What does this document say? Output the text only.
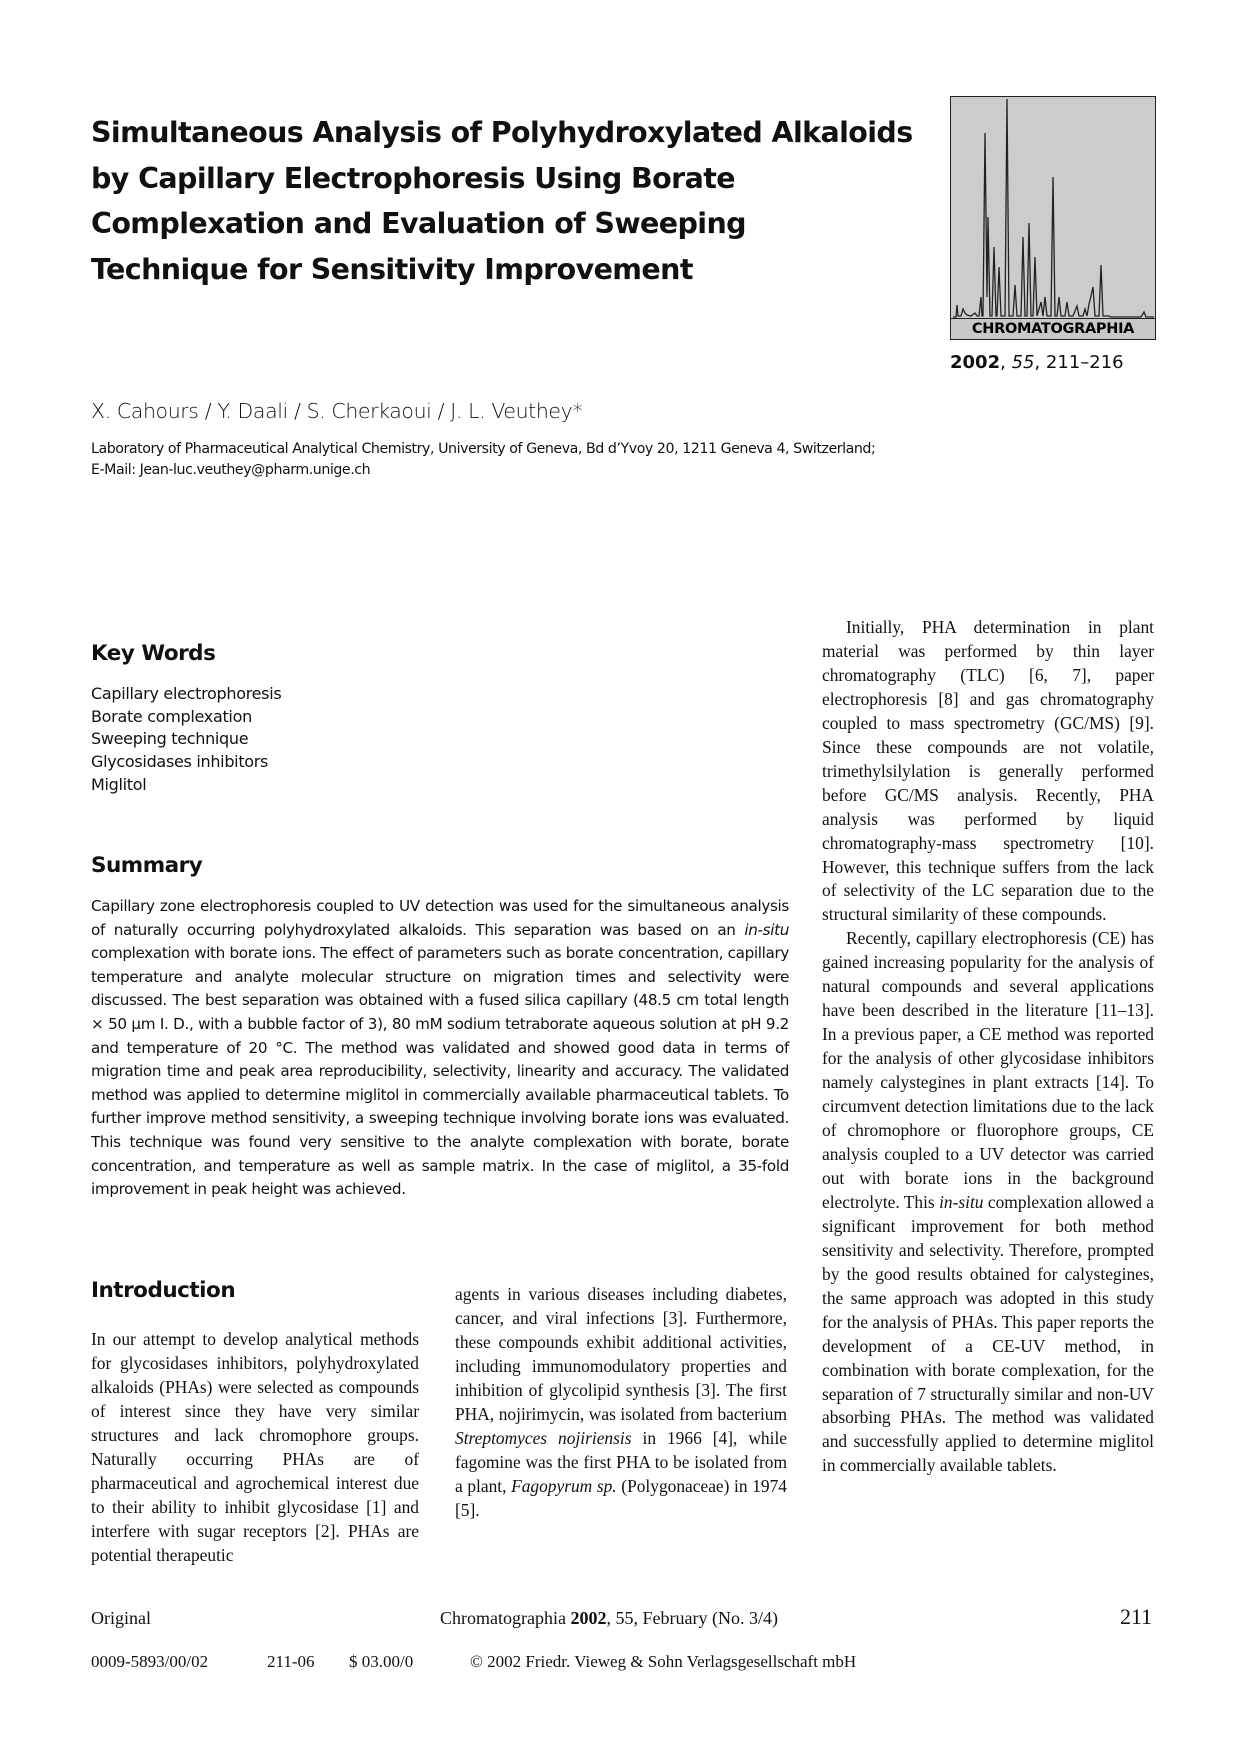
Simultaneous Analysis of Polyhydroxylated Alkaloids
by Capillary Electrophoresis Using Borate
Complexation and Evaluation of Sweeping
Technique for Sensitivity Improvement
CHROMATOGRAPHIA
2002, 55, 211–216
X. Cahours / Y. Daali / S. Cherkaoui / J. L. Veuthey*
Laboratory of Pharmaceutical Analytical Chemistry, University of Geneva, Bd d’Yvoy 20, 1211 Geneva 4, Switzerland;
E-Mail: Jean-luc.veuthey@pharm.unige.ch
Key Words
Capillary electrophoresis
Borate complexation
Sweeping technique
Glycosidases inhibitors
Miglitol
Summary

Capillary zone electrophoresis coupled to UV detection was used for the simultaneous analysis of naturally occurring polyhydroxylated alkaloids. This separation was based on an in-situ complexation with borate ions. The effect of parameters such as borate concentration, capillary temperature and analyte molecular structure on migration times and selectivity were discussed. The best separation was obtained with a fused silica capillary (48.5 cm total length × 50 µm I. D., with a bubble factor of 3), 80 mM sodium tetraborate aqueous solution at pH 9.2 and temperature of 20 °C. The method was validated and showed good data in terms of migration time and peak area reproducibility, selectivity, linearity and accuracy. The validated method was applied to determine miglitol in commercially available pharmaceutical tablets. To further improve method sensitivity, a sweeping technique involving borate ions was evaluated. This technique was found very sensitive to the analyte complexation with borate, borate concentration, and temperature as well as sample matrix. In the case of miglitol, a 35-fold improvement in peak height was achieved.

Introduction

In our attempt to develop analytical methods for glycosidases inhibitors, polyhydroxylated alkaloids (PHAs) were selected as compounds of interest since they have very similar structures and lack chromophore groups. Naturally occurring PHAs are of pharmaceutical and agrochemical interest due to their ability to inhibit glycosidase [1] and interfere with sugar receptors [2]. PHAs are potential therapeutic

agents in various diseases including diabetes, cancer, and viral infections [3]. Furthermore, these compounds exhibit additional activities, including immunomodulatory properties and inhibition of glycolipid synthesis [3]. The first PHA, nojirimycin, was isolated from bacterium Streptomyces nojiriensis in 1966 [4], while fagomine was the first PHA to be isolated from a plant, Fagopyrum sp. (Polygonaceae) in 1974 [5].

Initially, PHA determination in plant material was performed by thin layer chromatography (TLC) [6, 7], paper electrophoresis [8] and gas chromatography coupled to mass spectrometry (GC/MS) [9]. Since these compounds are not volatile, trimethylsilylation is generally performed before GC/MS analysis. Recently, PHA analysis was performed by liquid chromatography-mass spectrometry [10]. However, this technique suffers from the lack of selectivity of the LC separation due to the structural similarity of these compounds.

Recently, capillary electrophoresis (CE) has gained increasing popularity for the analysis of natural compounds and several applications have been described in the literature [11–13]. In a previous paper, a CE method was reported for the analysis of other glycosidase inhibitors namely calystegines in plant extracts [14]. To circumvent detection limitations due to the lack of chromophore or fluorophore groups, CE analysis coupled to a UV detector was carried out with borate ions in the background electrolyte. This in-situ complexation allowed a significant improvement for both method sensitivity and selectivity. Therefore, prompted by the good results obtained for calystegines, the same approach was adopted in this study for the analysis of PHAs. This paper reports the development of a CE-UV method, in combination with borate complexation, for the separation of 7 structurally similar and non-UV absorbing PHAs. The method was validated and successfully applied to determine miglitol in commercially available tablets.

Original	Chromatographia 2002, 55, February (No. 3/4)	211
0009-5893/00/02	211-06 $ 03.00/0	© 2002 Friedr. Vieweg & Sohn Verlagsgesellschaft mbH
